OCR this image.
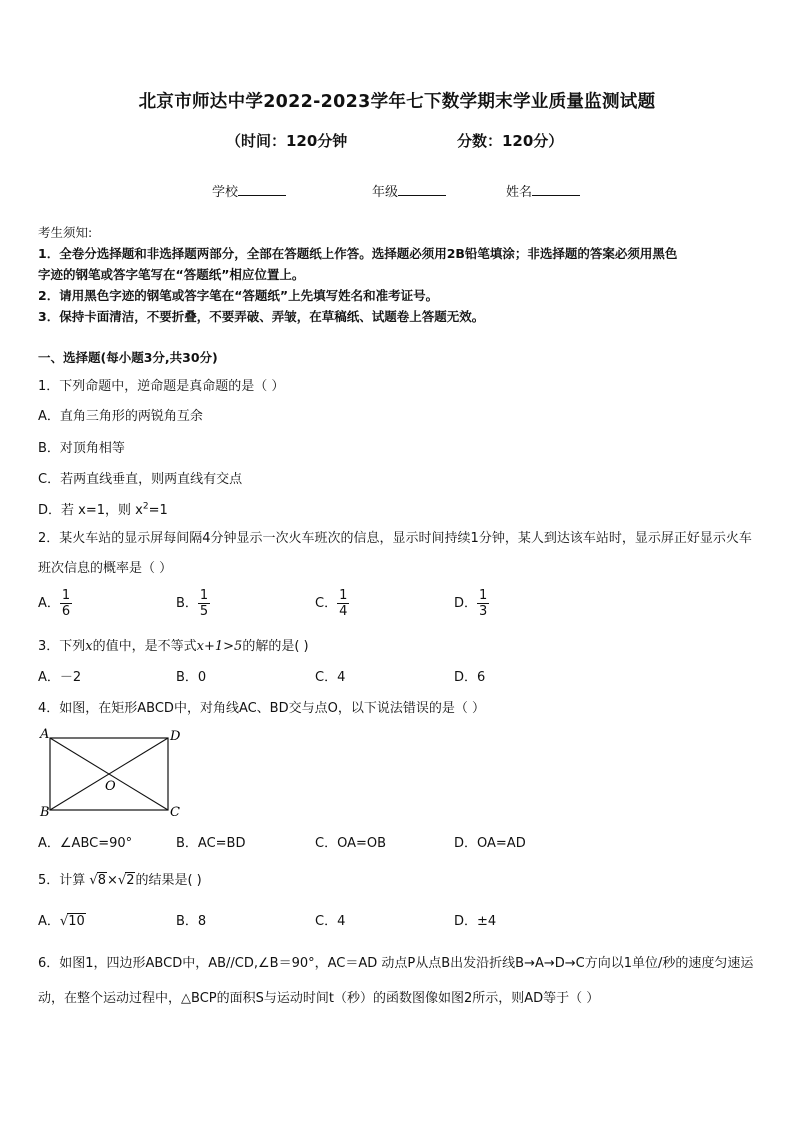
北京市师达中学2022-2023学年七下数学期末学业质量监测试题
（时间：120分钟	分数：120分）
学校	年级	姓名
考生须知:
1．全卷分选择题和非选择题两部分，全部在答题纸上作答。选择题必须用2B铅笔填涂；非选择题的答案必须用黑色
字迹的钢笔或答字笔写在“答题纸”相应位置上。
2．请用黑色字迹的钢笔或答字笔在“答题纸”上先填写姓名和准考证号。
3．保持卡面清洁，不要折叠，不要弄破、弄皱，在草稿纸、试题卷上答题无效。
一、选择题(每小题3分,共30分)
1．下列命题中，逆命题是真命题的是（ ）
A．直角三角形的两锐角互余
B．对顶角相等
C．若两直线垂直，则两直线有交点
D．若 x=1，则 $x^2=1$
2．某火车站的显示屏每间隔4分钟显示一次火车班次的信息，显示时间持续1分钟，某人到达该车站时，显示屏正好显示火车班次信息的概率是（ ）
A． $\frac{1}{6}$	B． $\frac{1}{5}$	C． $\frac{1}{4}$	D． $\frac{1}{3}$
3．下列x的值中，是不等式x+1>5的解的是( )
A．－2	B．0	C．4	D．6
4．如图，在矩形ABCD中，对角线AC、BD交与点O，以下说法错误的是（ ）
A	D
B	C
O
A．∠ABC=90°	B．AC=BD	C．OA=OB	D．OA=AD
5．计算 √8×√2的结果是( )
A．√10	B．8	C．4	D．±4
6．如图1，四边形ABCD中，AB//CD,∠B＝90°，AC＝AD 动点P从点B出发沿折线B→A→D→C方向以1单位/秒的速度匀速运动，在整个运动过程中，△BCP的面积S与运动时间t（秒）的函数图像如图2所示，则AD等于（ ）
